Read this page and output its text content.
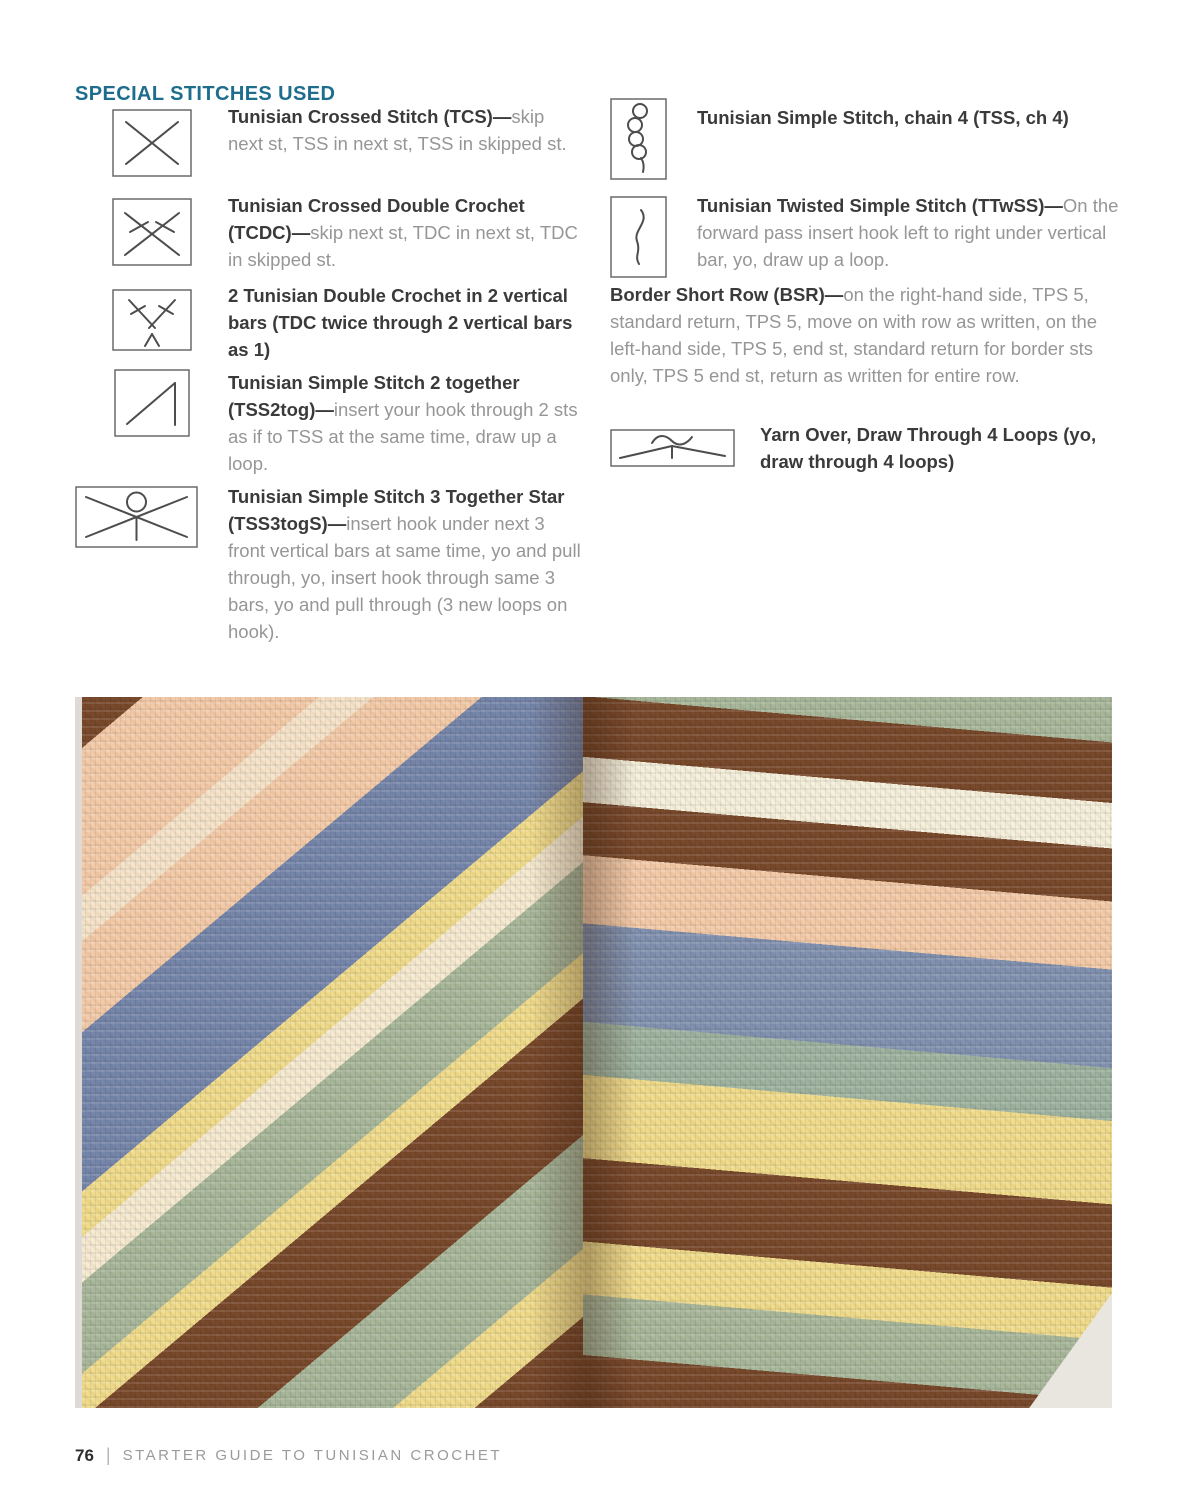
SPECIAL STITCHES USED

Tunisian Crossed Stitch (TCS)—skip next st, TSS in next st, TSS in skipped st.

Tunisian Crossed Double Crochet (TCDC)—skip next st, TDC in next st, TDC in skipped st.

2 Tunisian Double Crochet in 2 vertical bars (TDC twice through 2 vertical bars as 1)

Tunisian Simple Stitch 2 together (TSS2tog)—insert your hook through 2 sts as if to TSS at the same time, draw up a loop.

Tunisian Simple Stitch 3 Together Star (TSS3togS)—insert hook under next 3 front vertical bars at same time, yo and pull through, yo, insert hook through same 3 bars, yo and pull through (3 new loops on hook).

Tunisian Simple Stitch, chain 4 (TSS, ch 4)

Tunisian Twisted Simple Stitch (TTwSS)—On the forward pass insert hook left to right under vertical bar, yo, draw up a loop.

Border Short Row (BSR)—on the right-hand side, TPS 5, standard return, TPS 5, move on with row as written, on the left-hand side, TPS 5, end st, standard return for border sts only, TPS 5 end st, return as written for entire row.

Yarn Over, Draw Through 4 Loops (yo, draw through 4 loops)

76 | STARTER GUIDE TO TUNISIAN CROCHET
